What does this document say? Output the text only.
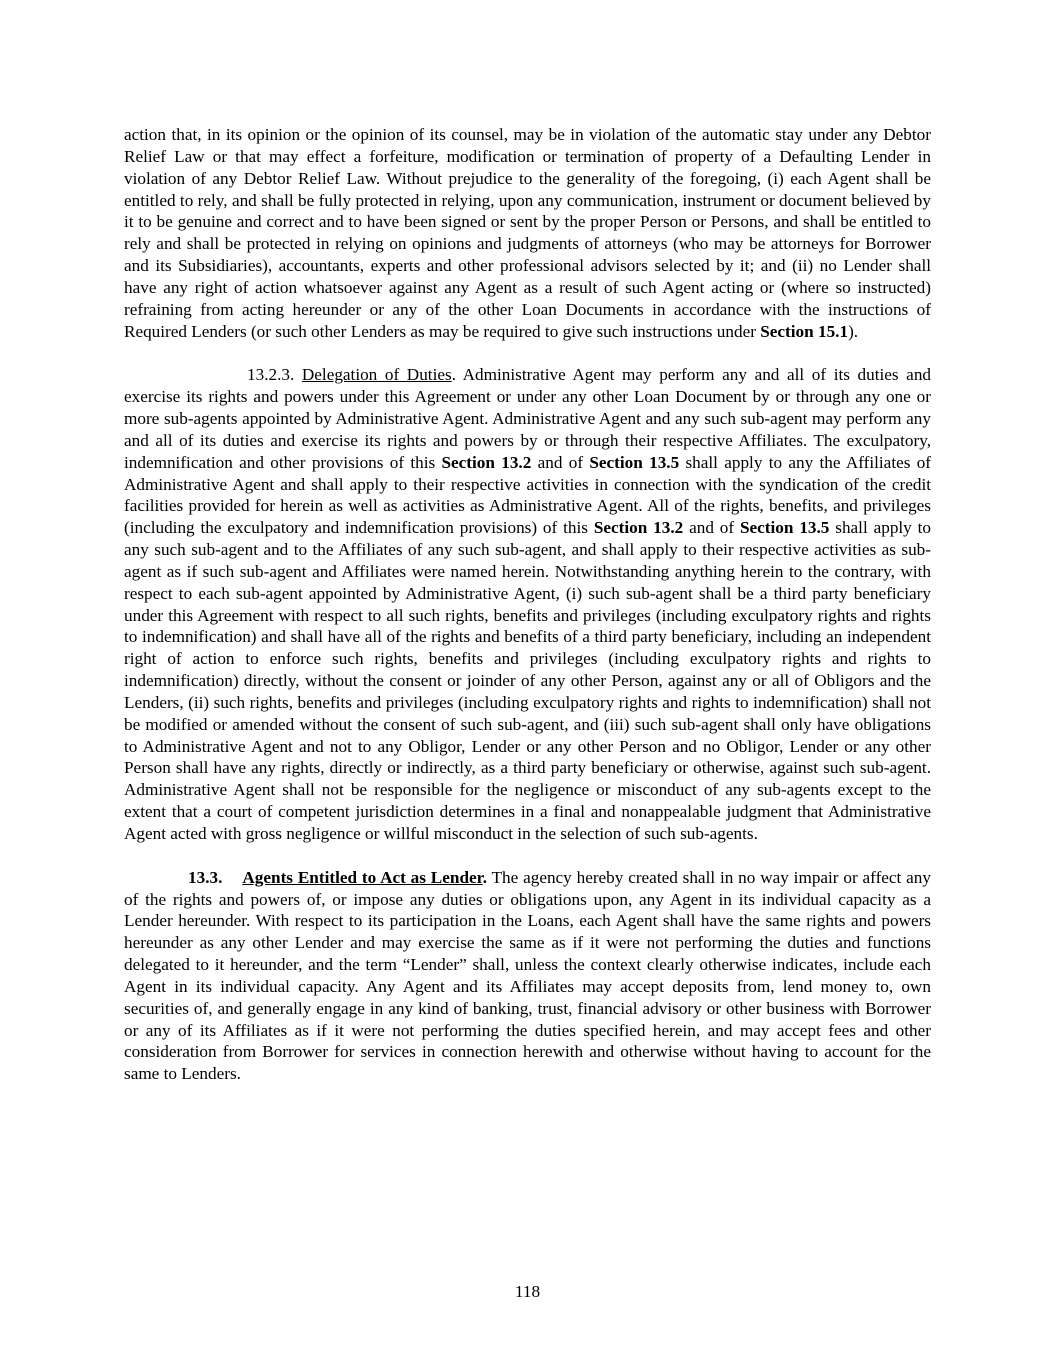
action that, in its opinion or the opinion of its counsel, may be in violation of the automatic stay under any Debtor Relief Law or that may effect a forfeiture, modification or termination of property of a Defaulting Lender in violation of any Debtor Relief Law. Without prejudice to the generality of the foregoing, (i) each Agent shall be entitled to rely, and shall be fully protected in relying, upon any communication, instrument or document believed by it to be genuine and correct and to have been signed or sent by the proper Person or Persons, and shall be entitled to rely and shall be protected in relying on opinions and judgments of attorneys (who may be attorneys for Borrower and its Subsidiaries), accountants, experts and other professional advisors selected by it; and (ii) no Lender shall have any right of action whatsoever against any Agent as a result of such Agent acting or (where so instructed) refraining from acting hereunder or any of the other Loan Documents in accordance with the instructions of Required Lenders (or such other Lenders as may be required to give such instructions under Section 15.1).

13.2.3. Delegation of Duties. Administrative Agent may perform any and all of its duties and exercise its rights and powers under this Agreement or under any other Loan Document by or through any one or more sub-agents appointed by Administrative Agent. Administrative Agent and any such sub-agent may perform any and all of its duties and exercise its rights and powers by or through their respective Affiliates. The exculpatory, indemnification and other provisions of this Section 13.2 and of Section 13.5 shall apply to any the Affiliates of Administrative Agent and shall apply to their respective activities in connection with the syndication of the credit facilities provided for herein as well as activities as Administrative Agent. All of the rights, benefits, and privileges (including the exculpatory and indemnification provisions) of this Section 13.2 and of Section 13.5 shall apply to any such sub-agent and to the Affiliates of any such sub-agent, and shall apply to their respective activities as sub-agent as if such sub-agent and Affiliates were named herein. Notwithstanding anything herein to the contrary, with respect to each sub-agent appointed by Administrative Agent, (i) such sub-agent shall be a third party beneficiary under this Agreement with respect to all such rights, benefits and privileges (including exculpatory rights and rights to indemnification) and shall have all of the rights and benefits of a third party beneficiary, including an independent right of action to enforce such rights, benefits and privileges (including exculpatory rights and rights to indemnification) directly, without the consent or joinder of any other Person, against any or all of Obligors and the Lenders, (ii) such rights, benefits and privileges (including exculpatory rights and rights to indemnification) shall not be modified or amended without the consent of such sub-agent, and (iii) such sub-agent shall only have obligations to Administrative Agent and not to any Obligor, Lender or any other Person and no Obligor, Lender or any other Person shall have any rights, directly or indirectly, as a third party beneficiary or otherwise, against such sub-agent. Administrative Agent shall not be responsible for the negligence or misconduct of any sub-agents except to the extent that a court of competent jurisdiction determines in a final and nonappealable judgment that Administrative Agent acted with gross negligence or willful misconduct in the selection of such sub-agents.

13.3. Agents Entitled to Act as Lender. The agency hereby created shall in no way impair or affect any of the rights and powers of, or impose any duties or obligations upon, any Agent in its individual capacity as a Lender hereunder. With respect to its participation in the Loans, each Agent shall have the same rights and powers hereunder as any other Lender and may exercise the same as if it were not performing the duties and functions delegated to it hereunder, and the term “Lender” shall, unless the context clearly otherwise indicates, include each Agent in its individual capacity. Any Agent and its Affiliates may accept deposits from, lend money to, own securities of, and generally engage in any kind of banking, trust, financial advisory or other business with Borrower or any of its Affiliates as if it were not performing the duties specified herein, and may accept fees and other consideration from Borrower for services in connection herewith and otherwise without having to account for the same to Lenders.

118
